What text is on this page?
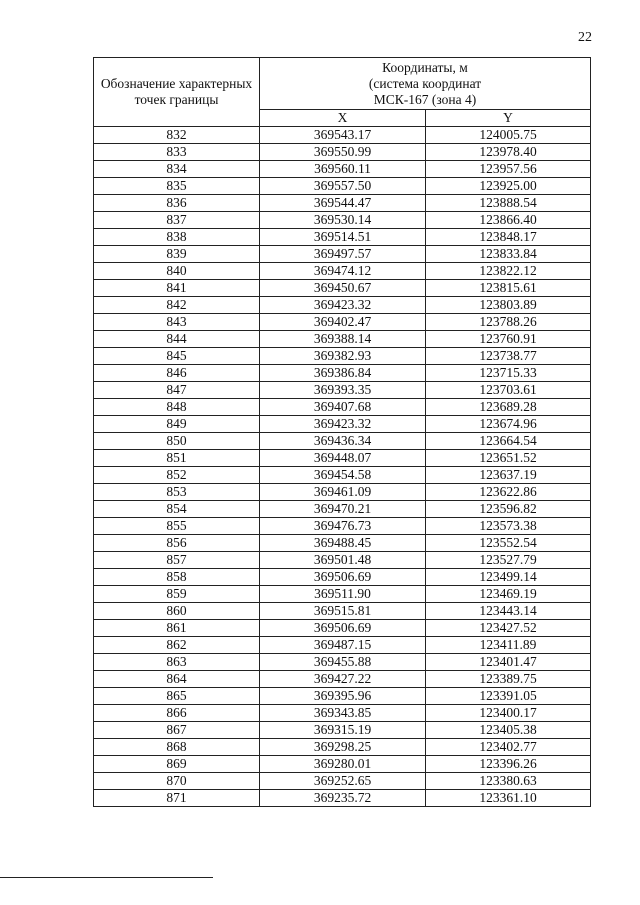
22
Обозначение характерных точек границы	Координаты, м
(система координат
МСК-167 (зона 4)	
	X	Y
832	369543.17	124005.75
833	369550.99	123978.40
834	369560.11	123957.56
835	369557.50	123925.00
836	369544.47	123888.54
837	369530.14	123866.40
838	369514.51	123848.17
839	369497.57	123833.84
840	369474.12	123822.12
841	369450.67	123815.61
842	369423.32	123803.89
843	369402.47	123788.26
844	369388.14	123760.91
845	369382.93	123738.77
846	369386.84	123715.33
847	369393.35	123703.61
848	369407.68	123689.28
849	369423.32	123674.96
850	369436.34	123664.54
851	369448.07	123651.52
852	369454.58	123637.19
853	369461.09	123622.86
854	369470.21	123596.82
855	369476.73	123573.38
856	369488.45	123552.54
857	369501.48	123527.79
858	369506.69	123499.14
859	369511.90	123469.19
860	369515.81	123443.14
861	369506.69	123427.52
862	369487.15	123411.89
863	369455.88	123401.47
864	369427.22	123389.75
865	369395.96	123391.05
866	369343.85	123400.17
867	369315.19	123405.38
868	369298.25	123402.77
869	369280.01	123396.26
870	369252.65	123380.63
871	369235.72	123361.10
